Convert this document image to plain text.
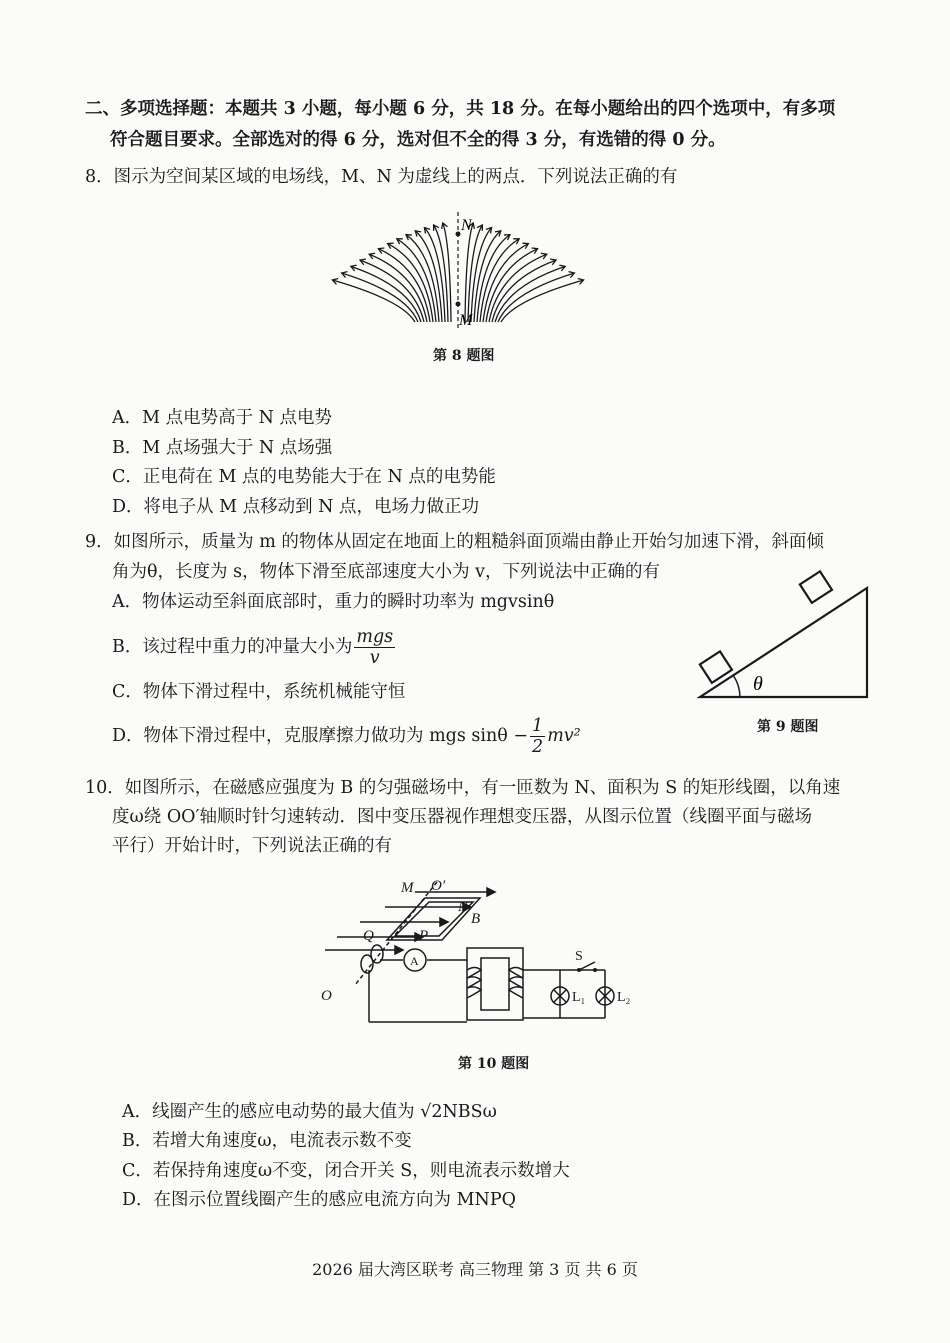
二、多项选择题：本题共 3 小题，每小题 6 分，共 18 分。在每小题给出的四个选项中，有多项
符合题目要求。全部选对的得 6 分，选对但不全的得 3 分，有选错的得 0 分。
8．图示为空间某区域的电场线，M、N 为虚线上的两点．下列说法正确的有
N
M
第 8 题图
A．M 点电势高于 N 点电势
B．M 点场强大于 N 点场强
C．正电荷在 M 点的电势能大于在 N 点的电势能
D．将电子从 M 点移动到 N 点，电场力做正功
9．如图所示，质量为 m 的物体从固定在地面上的粗糙斜面顶端由静止开始匀加速下滑，斜面倾
角为θ，长度为 s，物体下滑至底部速度大小为 v，下列说法中正确的有
A．物体运动至斜面底部时，重力的瞬时功率为 mgvsinθ
B．该过程中重力的冲量大小为 $\frac{\text{mgs}}{v}$
C．物体下滑过程中，系统机械能守恒
D．物体下滑过程中，克服摩擦力做功为 mgs $\sin\theta - \frac{1}{2} mv^2$
θ
第 9 题图
10．如图所示，在磁感应强度为 B 的匀强磁场中，有一匝数为 N、面积为 S 的矩形线圈，以角速
度ω绕 OO′轴顺时针匀速转动．图中变压器视作理想变压器，从图示位置（线圈平面与磁场
平行）开始计时，下列说法正确的有
M O′
N
B
Q	P
O
A	S
L₁ L₂
第 10 题图
A．线圈产生的感应电动势的最大值为 √2NBSω
B．若增大角速度ω，电流表示数不变
C．若保持角速度ω不变，闭合开关 S，则电流表示数增大
D．在图示位置线圈产生的感应电流方向为 MNPQ
2026 届大湾区联考 高三物理 第 3 页 共 6 页
